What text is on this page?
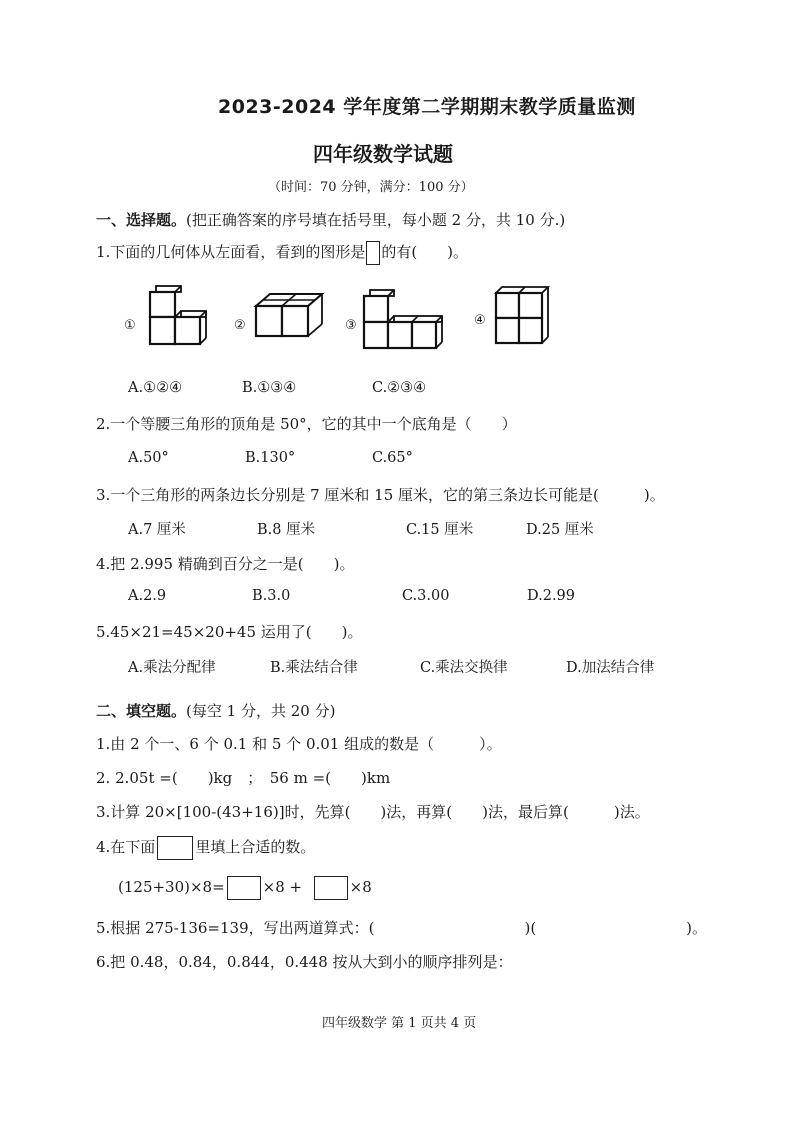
2023-2024 学年度第二学期期末教学质量监测
四年级数学试题
（时间：70 分钟，满分：100 分）
一、选择题。(把正确答案的序号填在括号里，每小题 2 分，共 10 分.)
1.下面的几何体从左面看，看到的图形是 的有(　　)。
①	②	③	④
A.①②④	B.①③④	C.②③④
2.一个等腰三角形的顶角是 50°，它的其中一个底角是（　　）
A.50°	B.130°	C.65°
3.一个三角形的两条边长分别是 7 厘米和 15 厘米，它的第三条边长可能是(　　　)。
A.7 厘米	B.8 厘米	C.15 厘米	D.25 厘米
4.把 2.995 精确到百分之一是(　　)。
A.2.9	B.3.0	C.3.00	D.2.99
5.45×21=45×20+45 运用了(　　)。
A.乘法分配律	B.乘法结合律	C.乘法交换律	D.加法结合律
二、填空题。(每空 1 分，共 20 分)
1.由 2 个一、6 个 0.1 和 5 个 0.01 组成的数是（　　　）。
2. 2.05t =(　　)kg　；　56 m =(　　)km
3.计算 20×[100-(43+16)]时，先算(　　)法，再算(　　)法，最后算(　　　)法。
4.在下面	里填上合适的数。
(125+30)×8=	×8 +	×8
5.根据 275-136=139，写出两道算式：(　　　　　　　　　　)(　　　　　　　　　　)。
6.把 0.48，0.84，0.844，0.448 按从大到小的顺序排列是：
四年级数学 第 1 页共 4 页
